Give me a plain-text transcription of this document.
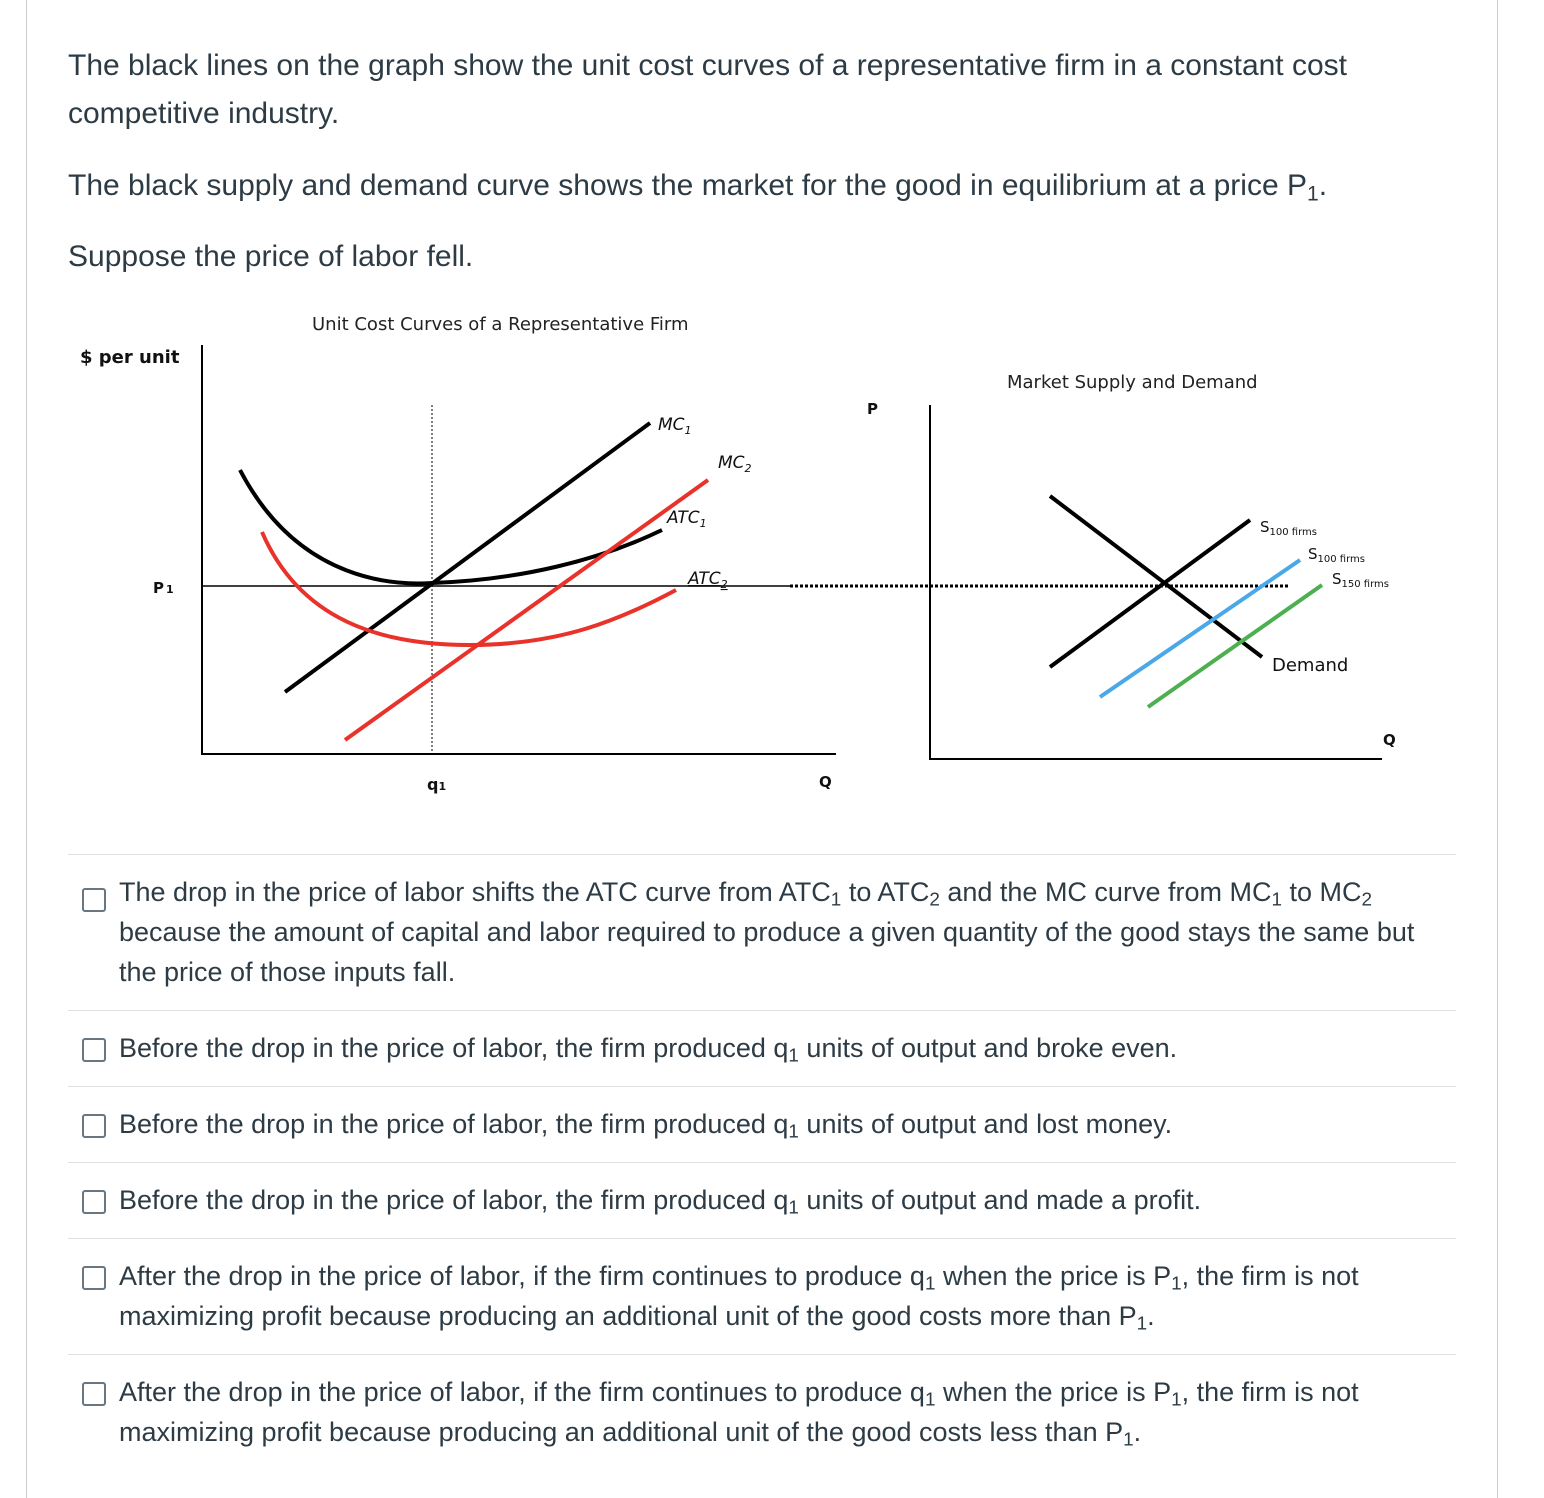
The black lines on the graph show the unit cost curves of a representative firm in a constant cost competitive industry.

The black supply and demand curve shows the market for the good in equilibrium at a price $P_1$.

Suppose the price of labor fell.

Unit Cost Curves of a Representative Firm
$ per unit
P 1
q1	Q
$MC_1$
$MC_2$
$ATC_1$
$ATC_2$
Market Supply and Demand
P
Q
$S_{100 firms}$
$S_{100 firms}$
$S_{150 firms}$
Demand
The drop in the price of labor shifts the ATC curve from $ATC_1$ to $ATC_2$ and the MC curve from $MC_1$ to $MC_2$ because the amount of capital and labor required to produce a given quantity of the good stays the same but the price of those inputs fall.
Before the drop in the price of labor, the firm produced $q_1$ units of output and broke even.
Before the drop in the price of labor, the firm produced $q_1$ units of output and lost money.
Before the drop in the price of labor, the firm produced $q_1$ units of output and made a profit.
After the drop in the price of labor, if the firm continues to produce $q_1$ when the price is $P_1$, the firm is not maximizing profit because producing an additional unit of the good costs more than $P_1$.
After the drop in the price of labor, if the firm continues to produce $q_1$ when the price is $P_1$, the firm is not maximizing profit because producing an additional unit of the good costs less than $P_1$.
